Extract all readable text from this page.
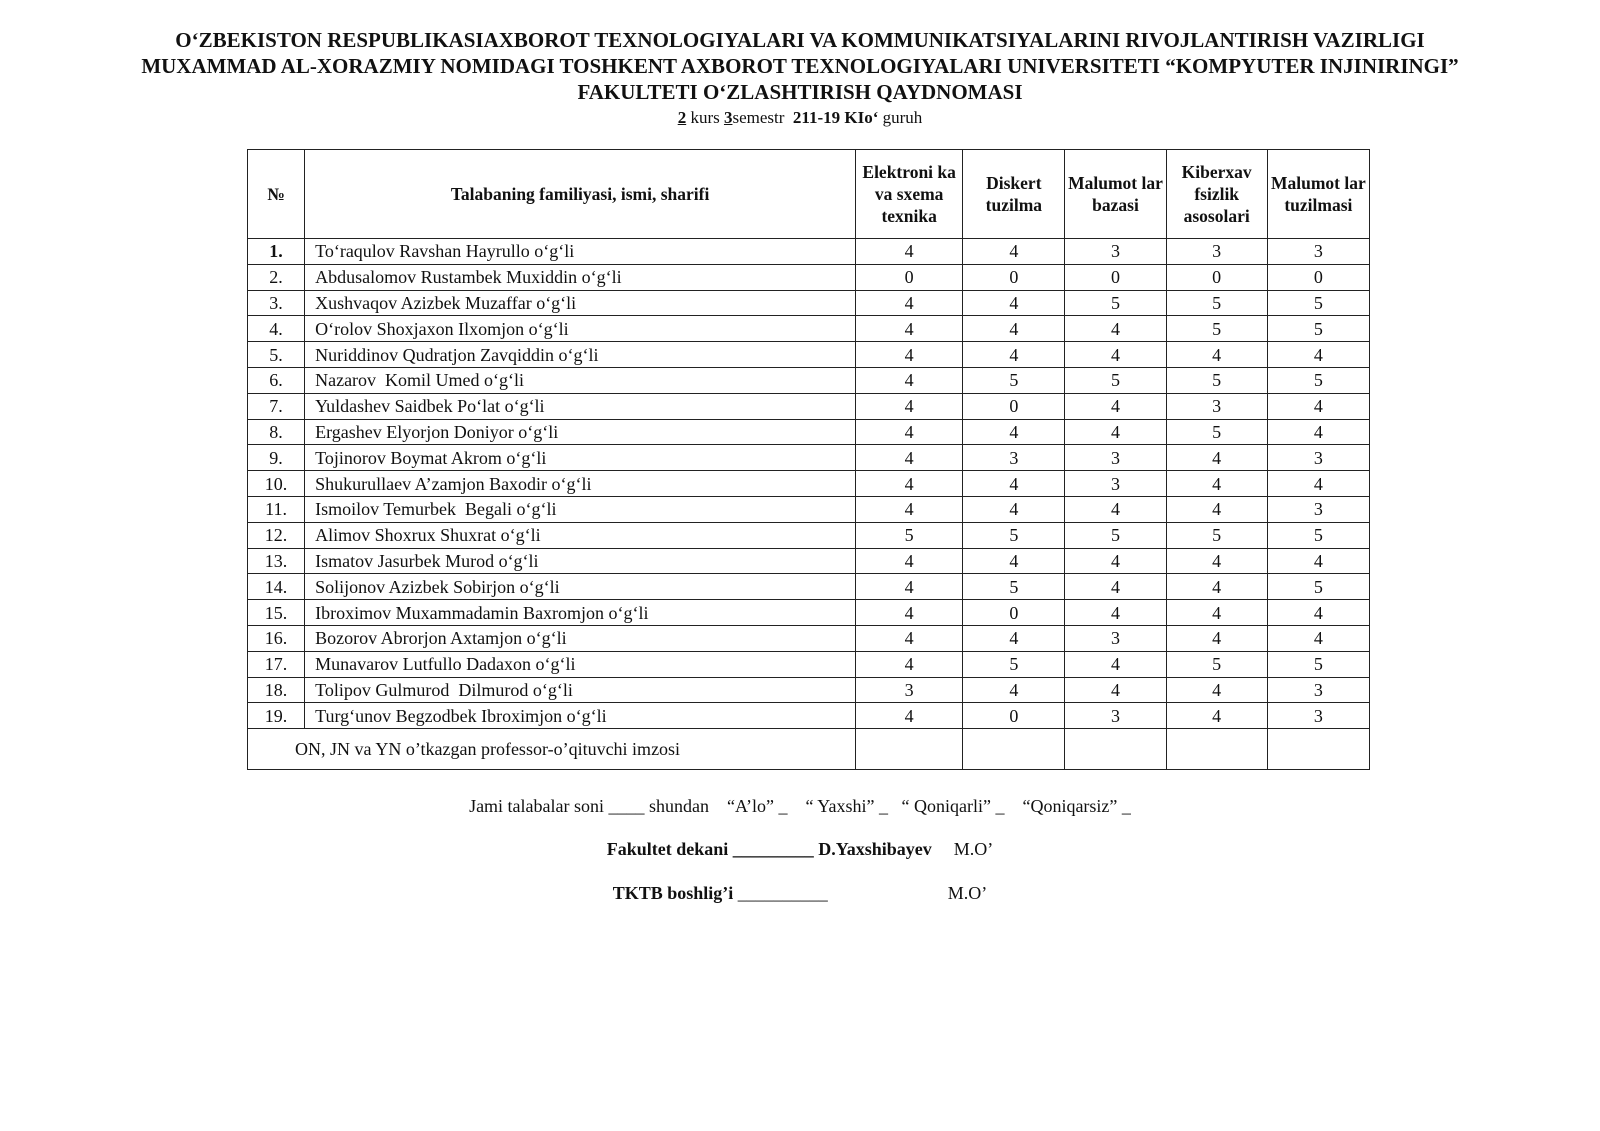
O‘ZBEKISTON RESPUBLIKASIAXBOROT TEXNOLOGIYALARI VA KOMMUNIKATSIYALARINI RIVOJLANTIRISH VAZIRLIGI
MUXAMMAD AL-XORAZMIY NOMIDAGI TOSHKENT AXBOROT TEXNOLOGIYALARI UNIVERSITETI “KOMPYUTER INJINIRINGI”
FAKULTETI O‘ZLASHTIRISH QAYDNOMASI
2 kurs 3semestr 211-19 KIo‘ guruh
№	Talabaning familiyasi, ismi, sharifi	Elektroni ka va sxema texnika	Diskert tuzilma	Malumot lar bazasi	Kiberxav fsizlik asosolari	Malumot lar tuzilmasi
1.	To‘raqulov Ravshan Hayrullo o‘g‘li	4	4	3	3	3
2.	Abdusalomov Rustambek Muxiddin o‘g‘li	0	0	0	0	0
3.	Xushvaqov Azizbek Muzaffar o‘g‘li	4	4	5	5	5
4.	O‘rolov Shoxjaxon Ilxomjon o‘g‘li	4	4	4	5	5
5.	Nuriddinov Qudratjon Zavqiddin o‘g‘li	4	4	4	4	4
6.	Nazarov  Komil Umed o‘g‘li	4	5	5	5	5
7.	Yuldashev Saidbek Po‘lat o‘g‘li	4	0	4	3	4
8.	Ergashev Elyorjon Doniyor o‘g‘li	4	4	4	5	4
9.	Tojinorov Boymat Akrom o‘g‘li	4	3	3	4	3
10.	Shukurullaev A’zamjon Baxodir o‘g‘li	4	4	3	4	4
11.	Ismoilov Temurbek  Begali o‘g‘li	4	4	4	4	3
12.	Alimov Shoxrux Shuxrat o‘g‘li	5	5	5	5	5
13.	Ismatov Jasurbek Murod o‘g‘li	4	4	4	4	4
14.	Solijonov Azizbek Sobirjon o‘g‘li	4	5	4	4	5
15.	Ibroximov Muxammadamin Baxromjon o‘g‘li	4	0	4	4	4
16.	Bozorov Abrorjon Axtamjon o‘g‘li	4	4	3	4	4
17.	Munavarov Lutfullo Dadaxon o‘g‘li	4	5	4	5	5
18.	Tolipov Gulmurod  Dilmurod o‘g‘li	3	4	4	4	3
19.	Turg‘unov Begzodbek Ibroximjon o‘g‘li	4	0	3	4	3
ON, JN va YN o’tkazgan professor-o’qituvchi imzosi						
Jami talabalar soni ____ shundan    “A’lo” _    “ Yaxshi” _   “ Qoniqarli” _    “Qoniqarsiz” _
Fakultet dekani _________ D.Yaxshibayev M.O’
TKTB boshlig’i __________	M.O’
